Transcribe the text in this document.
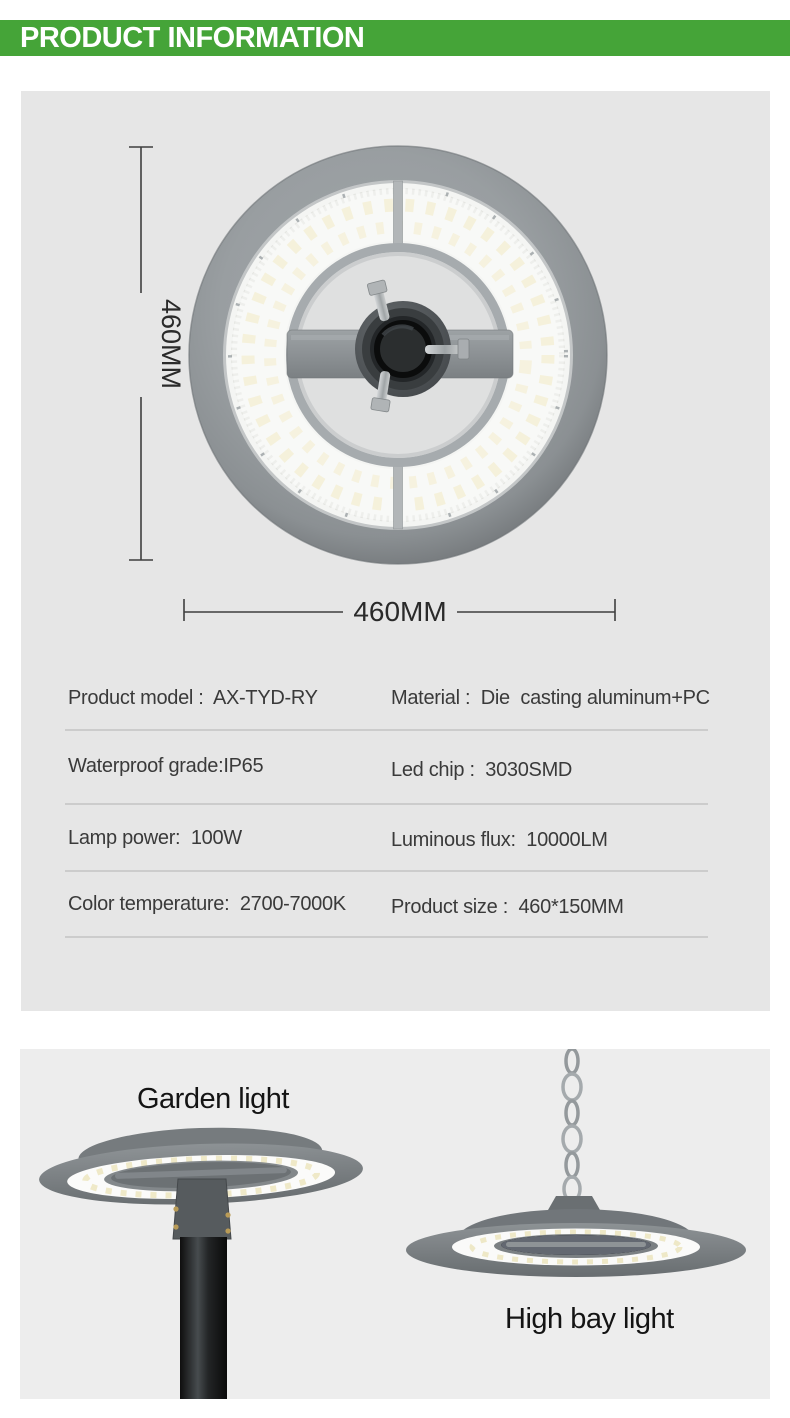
PRODUCT INFORMATION
460MM
460MM
Product model :  AX-TYD-RY	Material :  Die  casting aluminum+PC
Waterproof grade:IP65	Led chip :  3030SMD
Lamp power:  100W	Luminous flux:  10000LM
Color temperature:  2700-7000K Product size :  460*150MM
Garden light
High bay light
